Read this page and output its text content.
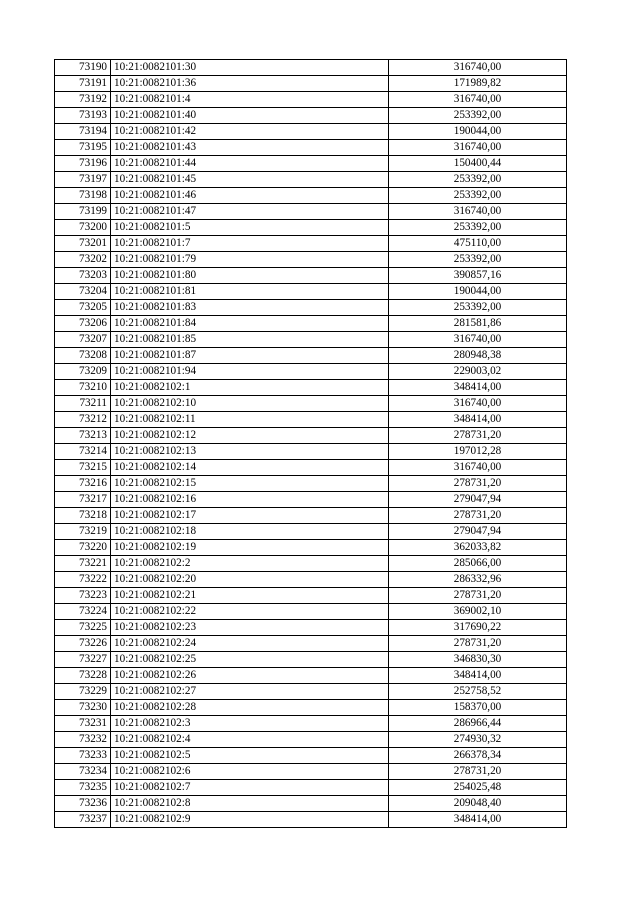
73190	10:21:0082101:30	316740,00
73191	10:21:0082101:36	171989,82
73192	10:21:0082101:4	316740,00
73193	10:21:0082101:40	253392,00
73194	10:21:0082101:42	190044,00
73195	10:21:0082101:43	316740,00
73196	10:21:0082101:44	150400,44
73197	10:21:0082101:45	253392,00
73198	10:21:0082101:46	253392,00
73199	10:21:0082101:47	316740,00
73200	10:21:0082101:5	253392,00
73201	10:21:0082101:7	475110,00
73202	10:21:0082101:79	253392,00
73203	10:21:0082101:80	390857,16
73204	10:21:0082101:81	190044,00
73205	10:21:0082101:83	253392,00
73206	10:21:0082101:84	281581,86
73207	10:21:0082101:85	316740,00
73208	10:21:0082101:87	280948,38
73209	10:21:0082101:94	229003,02
73210	10:21:0082102:1	348414,00
73211	10:21:0082102:10	316740,00
73212	10:21:0082102:11	348414,00
73213	10:21:0082102:12	278731,20
73214	10:21:0082102:13	197012,28
73215	10:21:0082102:14	316740,00
73216	10:21:0082102:15	278731,20
73217	10:21:0082102:16	279047,94
73218	10:21:0082102:17	278731,20
73219	10:21:0082102:18	279047,94
73220	10:21:0082102:19	362033,82
73221	10:21:0082102:2	285066,00
73222	10:21:0082102:20	286332,96
73223	10:21:0082102:21	278731,20
73224	10:21:0082102:22	369002,10
73225	10:21:0082102:23	317690,22
73226	10:21:0082102:24	278731,20
73227	10:21:0082102:25	346830,30
73228	10:21:0082102:26	348414,00
73229	10:21:0082102:27	252758,52
73230	10:21:0082102:28	158370,00
73231	10:21:0082102:3	286966,44
73232	10:21:0082102:4	274930,32
73233	10:21:0082102:5	266378,34
73234	10:21:0082102:6	278731,20
73235	10:21:0082102:7	254025,48
73236	10:21:0082102:8	209048,40
73237	10:21:0082102:9	348414,00
